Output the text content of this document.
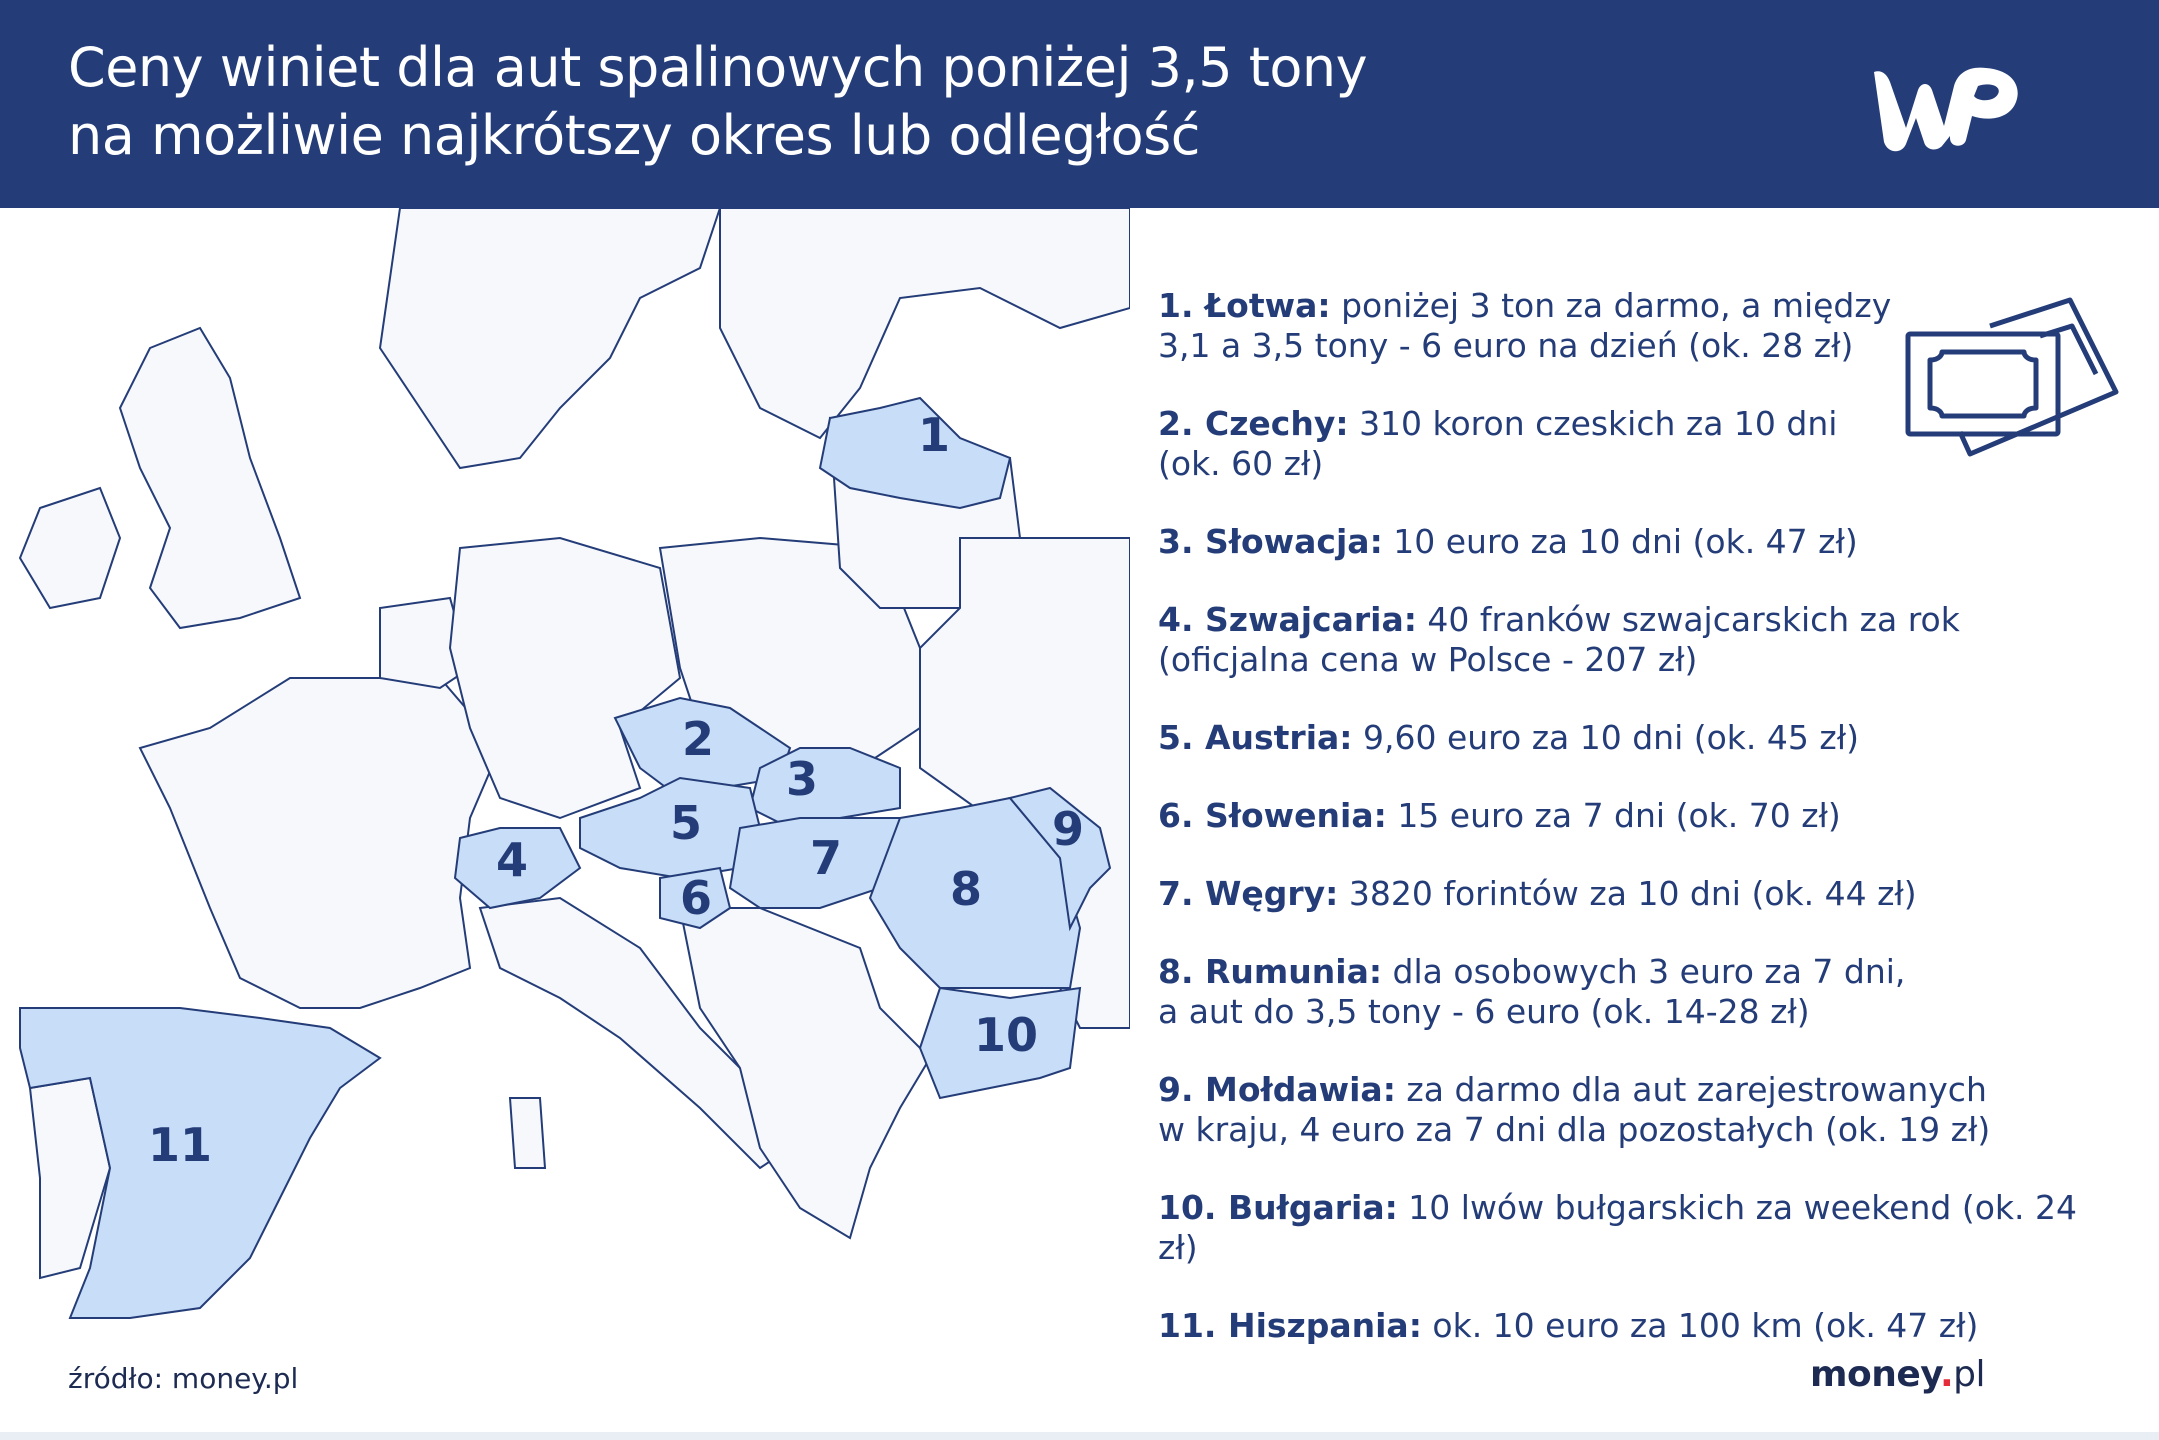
Ceny winiet dla aut spalinowych poniżej 3,5 tony
na możliwie najkrótszy okres lub odległość
1
2
3
4
5
6
7
8
9
10
11
1. Łotwa: poniżej 3 ton za darmo, a między
3,1 a 3,5 tony - 6 euro na dzień (ok. 28 zł)
2. Czechy: 310 koron czeskich za 10 dni
(ok. 60 zł)
3. Słowacja: 10 euro za 10 dni (ok. 47 zł)
4. Szwajcaria: 40 franków szwajcarskich za rok
(oficjalna cena w Polsce - 207 zł)
5. Austria: 9,60 euro za 10 dni (ok. 45 zł)
6. Słowenia: 15 euro za 7 dni (ok. 70 zł)
7. Węgry: 3820 forintów za 10 dni (ok. 44 zł)
8. Rumunia: dla osobowych 3 euro za 7 dni,
a aut do 3,5 tony - 6 euro (ok. 14-28 zł)
9. Mołdawia: za darmo dla aut zarejestrowanych
w kraju, 4 euro za 7 dni dla pozostałych (ok. 19 zł)
10. Bułgaria: 10 lwów bułgarskich za weekend (ok. 24 zł)
11. Hiszpania: ok. 10 euro za 100 km (ok. 47 zł)
źródło: money.pl	money.pl
